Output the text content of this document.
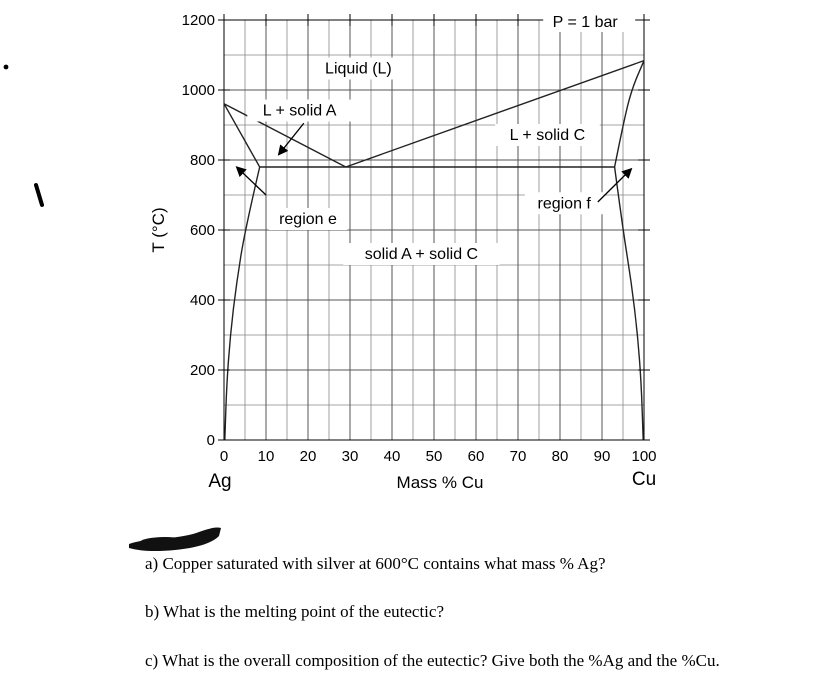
0
200
400
600
800
1000
1200
0 10 20 30 40 50 60 70 80 90 100
T (°C)
Mass % Cu
Ag	Cu
Liquid (L)
L + solid A
L + solid C
region e
region f
solid A + solid C
P = 1 bar
a) Copper saturated with silver at 600°C contains what mass % Ag?
b) What is the melting point of the eutectic?
c) What is the overall composition of the eutectic? Give both the %Ag and the %Cu.
